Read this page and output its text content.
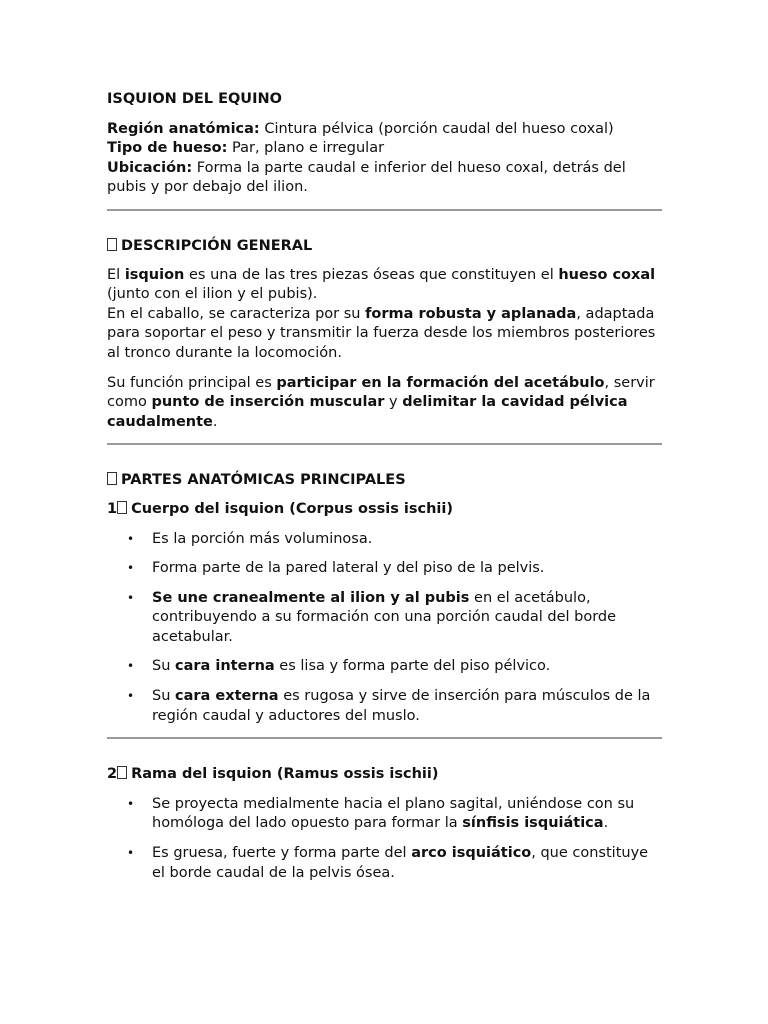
ISQUION DEL EQUINO

Región anatómica: Cintura pélvica (porción caudal del hueso coxal)

Tipo de hueso: Par, plano e irregular

Ubicación: Forma la parte caudal e inferior del hueso coxal, detrás del pubis y por debajo del ilion.

DESCRIPCIÓN GENERAL

El isquion es una de las tres piezas óseas que constituyen el hueso coxal (junto con el ilion y el pubis).

En el caballo, se caracteriza por su forma robusta y aplanada, adaptada para soportar el peso y transmitir la fuerza desde los miembros posteriores al tronco durante la locomoción.

Su función principal es participar en la formación del acetábulo, servir como punto de inserción muscular y delimitar la cavidad pélvica caudalmente.

PARTES ANATÓMICAS PRINCIPALES
1 Cuerpo del isquion (Corpus ossis ischii)
• Es la porción más voluminosa.
• Forma parte de la pared lateral y del piso de la pelvis.
• Se une cranealmente al ilion y al pubis en el acetábulo, contribuyendo a su formación con una porción caudal del borde acetabular.
• Su cara interna es lisa y forma parte del piso pélvico.
• Su cara externa es rugosa y sirve de inserción para músculos de la región caudal y aductores del muslo.
2 Rama del isquion (Ramus ossis ischii)
• Se proyecta medialmente hacia el plano sagital, uniéndose con su homóloga del lado opuesto para formar la sínfisis isquiática.
• Es gruesa, fuerte y forma parte del arco isquiático, que constituye el borde caudal de la pelvis ósea.
